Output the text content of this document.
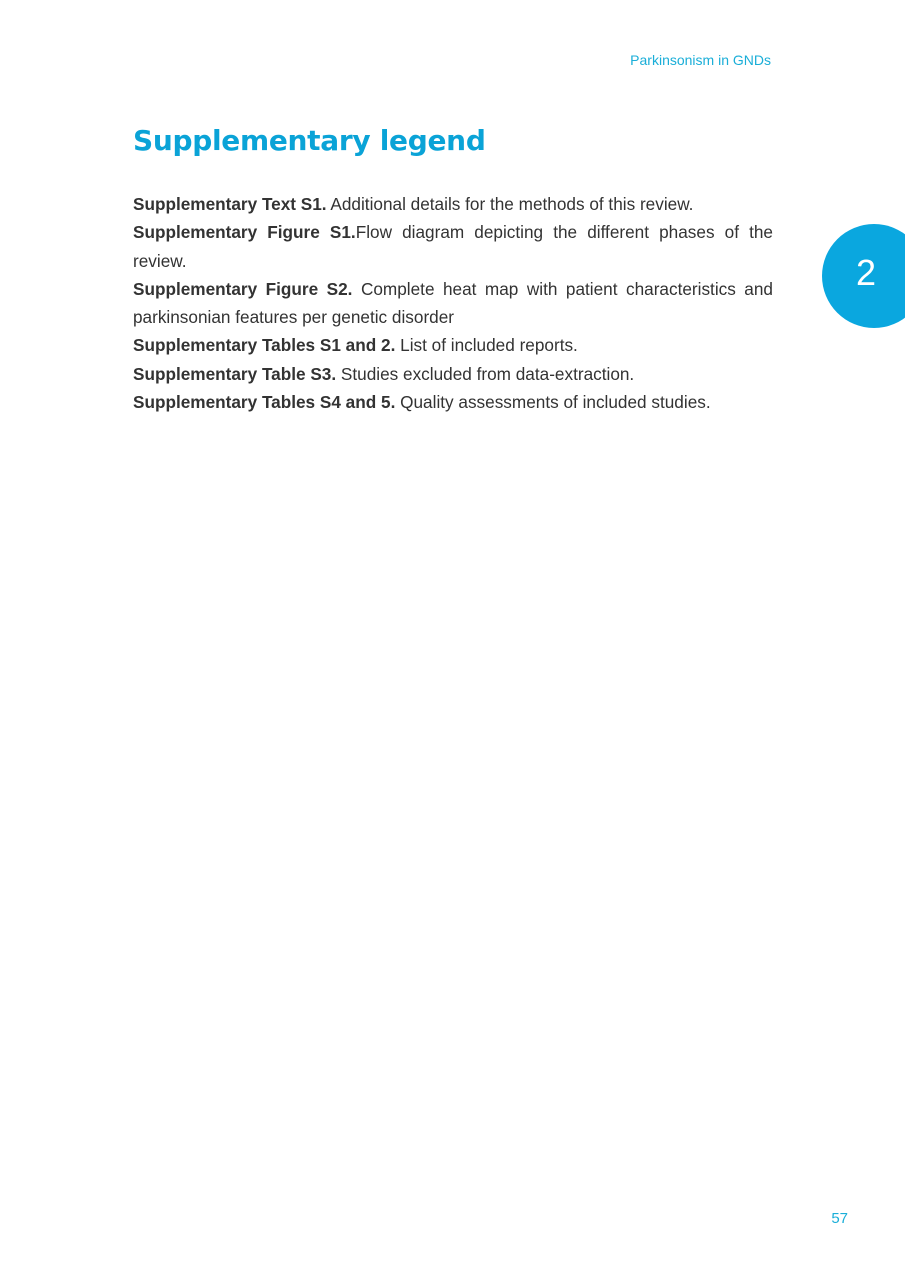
Parkinsonism in GNDs
Supplementary legend
Supplementary Text S1. Additional details for the methods of this review.
Supplementary Figure S1.Flow diagram depicting the different phases of the review.
Supplementary Figure S2. Complete heat map with patient characteristics and parkinsonian features per genetic disorder
Supplementary Tables S1 and 2. List of included reports.
Supplementary Table S3. Studies excluded from data-extraction.
Supplementary Tables S4 and 5. Quality assessments of included studies.
2
57
